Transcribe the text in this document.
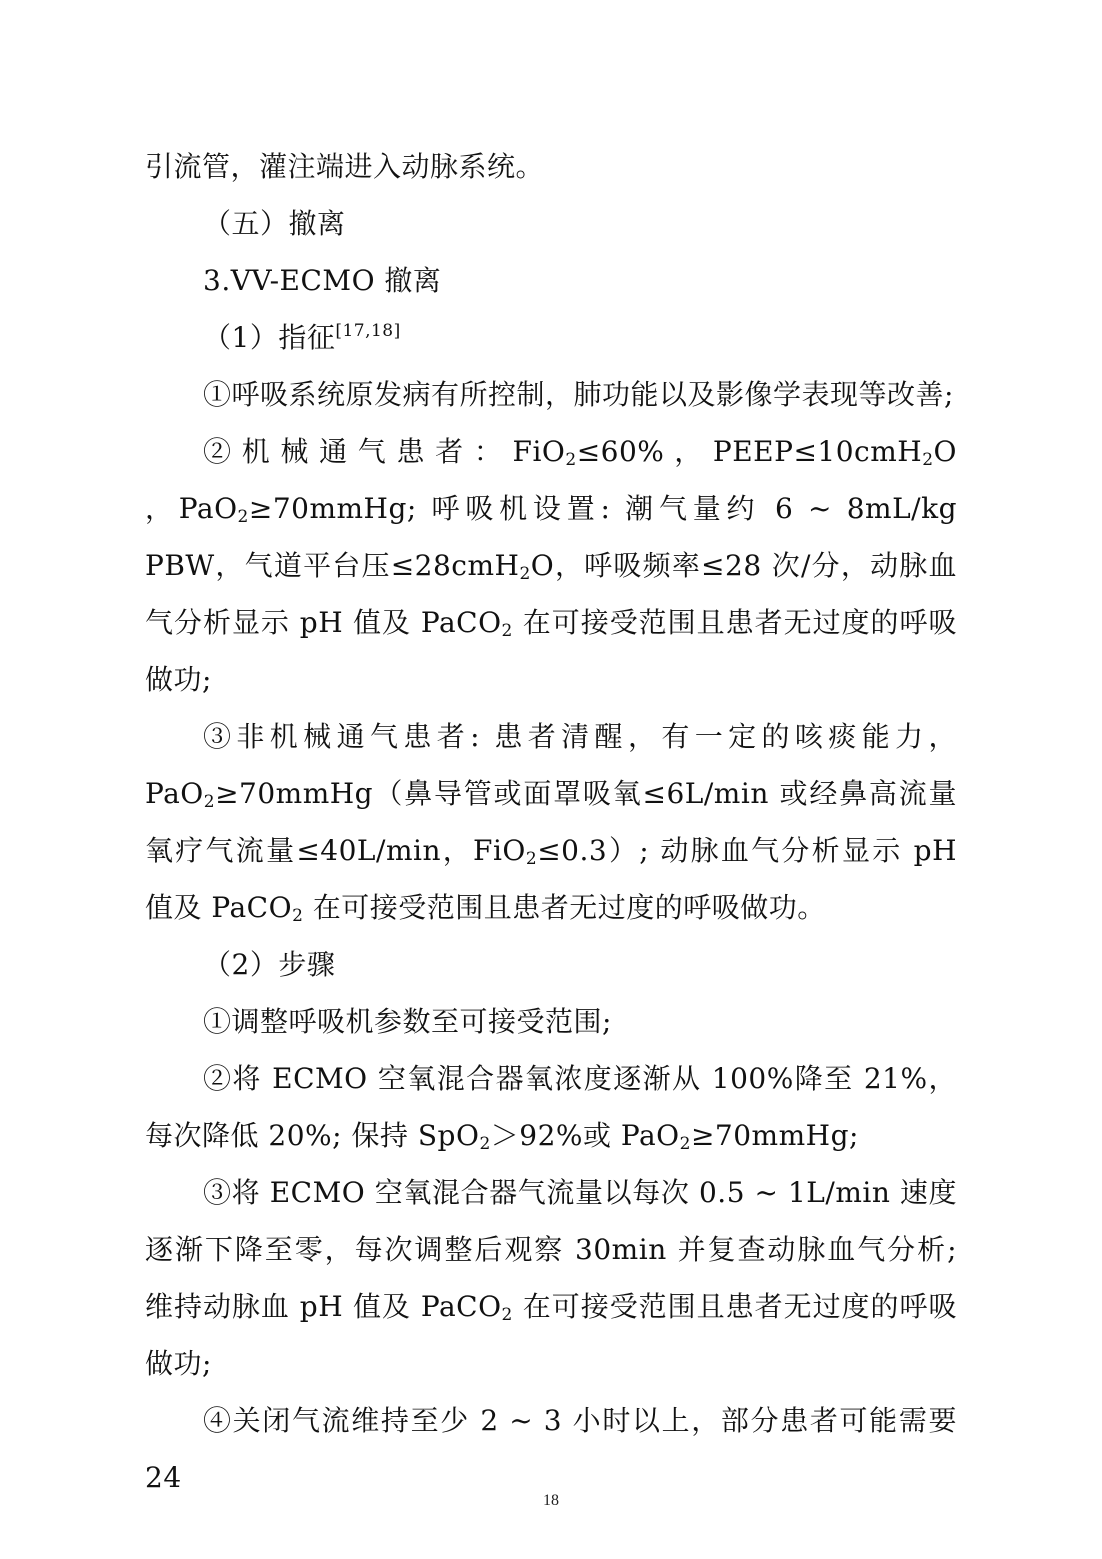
引流管，灌注端进入动脉系统。

（五）撤离

3.VV-ECMO 撤离

（1）指征[17,18]

①呼吸系统原发病有所控制，肺功能以及影像学表现等改善;

② 机 械 通 气 患 者 ： FiO$_2$≤60% ， PEEP≤10cmH$_2$O ，PaO$_2$≥70mmHg; 呼吸机设置: 潮气量约 6 ~ 8mL/kg PBW，气道平台压≤28cmH$_2$O，呼吸频率≤28 次/分，动脉血气分析显示 pH 值及 PaCO$_2$ 在可接受范围且患者无过度的呼吸做功;

③非机械通气患者: 患者清醒，有一定的咳痰能力，PaO$_2$≥70mmHg（鼻导管或面罩吸氧≤6L/min 或经鼻高流量氧疗气流量≤40L/min，FiO$_2$≤0.3）; 动脉血气分析显示 pH 值及 PaCO$_2$ 在可接受范围且患者无过度的呼吸做功。

（2）步骤

①调整呼吸机参数至可接受范围;

②将 ECMO 空氧混合器氧浓度逐渐从 100%降至 21%，每次降低 20%; 保持 SpO$_2$＞92%或 PaO$_2$≥70mmHg;

③将 ECMO 空氧混合器气流量以每次 0.5 ~ 1L/min 速度逐渐下降至零，每次调整后观察 30min 并复查动脉血气分析; 维持动脉血 pH 值及 PaCO$_2$ 在可接受范围且患者无过度的呼吸做功;

④关闭气流维持至少 2 ~ 3 小时以上，部分患者可能需要 24

18
